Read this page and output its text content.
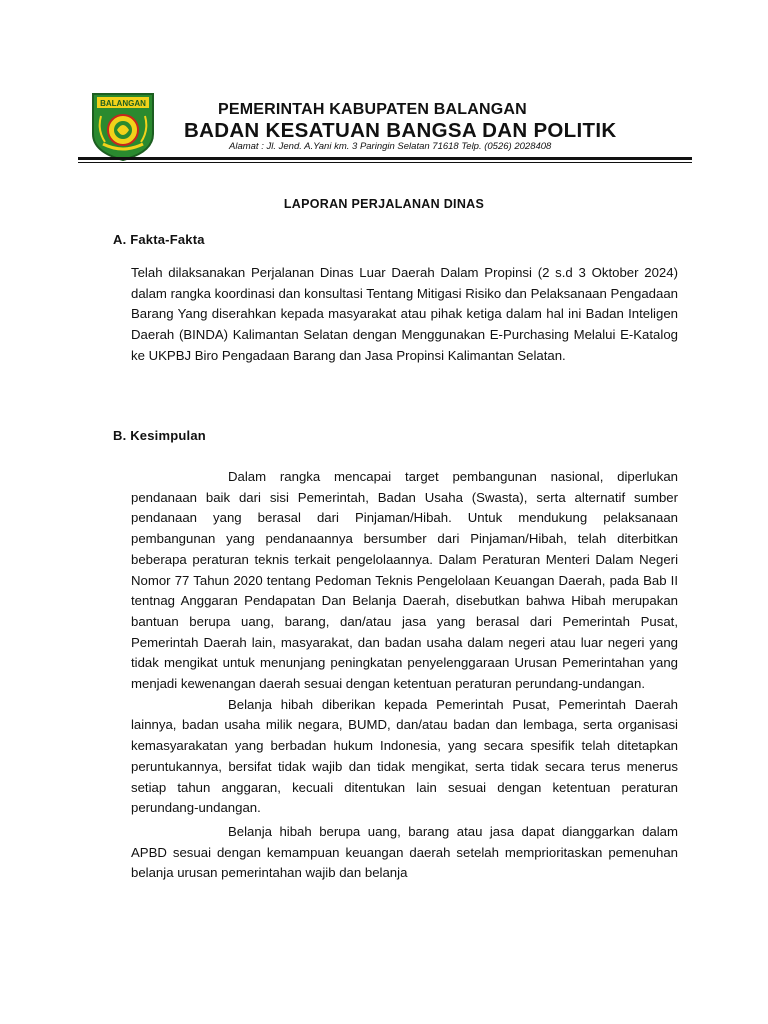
BALANGAN	PEMERINTAH KABUPATEN BALANGAN
BADAN KESATUAN BANGSA DAN POLITIK
Alamat : Jl. Jend. A.Yani km. 3 Paringin Selatan 71618 Telp. (0526) 2028408
LAPORAN PERJALANAN DINAS
A. Fakta-Fakta

Telah dilaksanakan Perjalanan Dinas Luar Daerah Dalam Propinsi (2 s.d 3 Oktober 2024) dalam rangka koordinasi dan konsultasi Tentang Mitigasi Risiko dan Pelaksanaan Pengadaan Barang Yang diserahkan kepada masyarakat atau pihak ketiga dalam hal ini Badan Inteligen Daerah (BINDA) Kalimantan Selatan dengan Menggunakan E-Purchasing Melalui E-Katalog ke UKPBJ Biro Pengadaan Barang dan Jasa Propinsi Kalimantan Selatan.

B. Kesimpulan

Dalam rangka mencapai target pembangunan nasional, diperlukan pendanaan baik dari sisi Pemerintah, Badan Usaha (Swasta), serta alternatif sumber pendanaan yang berasal dari Pinjaman/Hibah. Untuk mendukung pelaksanaan pembangunan yang pendanaannya bersumber dari Pinjaman/Hibah, telah diterbitkan beberapa peraturan teknis terkait pengelolaannya. Dalam Peraturan Menteri Dalam Negeri Nomor 77 Tahun 2020 tentang Pedoman Teknis Pengelolaan Keuangan Daerah, pada Bab II tentnag Anggaran Pendapatan Dan Belanja Daerah, disebutkan bahwa Hibah merupakan bantuan berupa uang, barang, dan/atau jasa yang berasal dari Pemerintah Pusat, Pemerintah Daerah lain, masyarakat, dan badan usaha dalam negeri atau luar negeri yang tidak mengikat untuk menunjang peningkatan penyelenggaraan Urusan Pemerintahan yang menjadi kewenangan daerah sesuai dengan ketentuan peraturan perundang-undangan.

Belanja hibah diberikan kepada Pemerintah Pusat, Pemerintah Daerah lainnya, badan usaha milik negara, BUMD, dan/atau badan dan lembaga, serta organisasi kemasyarakatan yang berbadan hukum Indonesia, yang secara spesifik telah ditetapkan peruntukannya, bersifat tidak wajib dan tidak mengikat, serta tidak secara terus menerus setiap tahun anggaran, kecuali ditentukan lain sesuai dengan ketentuan peraturan perundang-undangan.

Belanja hibah berupa uang, barang atau jasa dapat dianggarkan dalam APBD sesuai dengan kemampuan keuangan daerah setelah memprioritaskan pemenuhan belanja urusan pemerintahan wajib dan belanja
